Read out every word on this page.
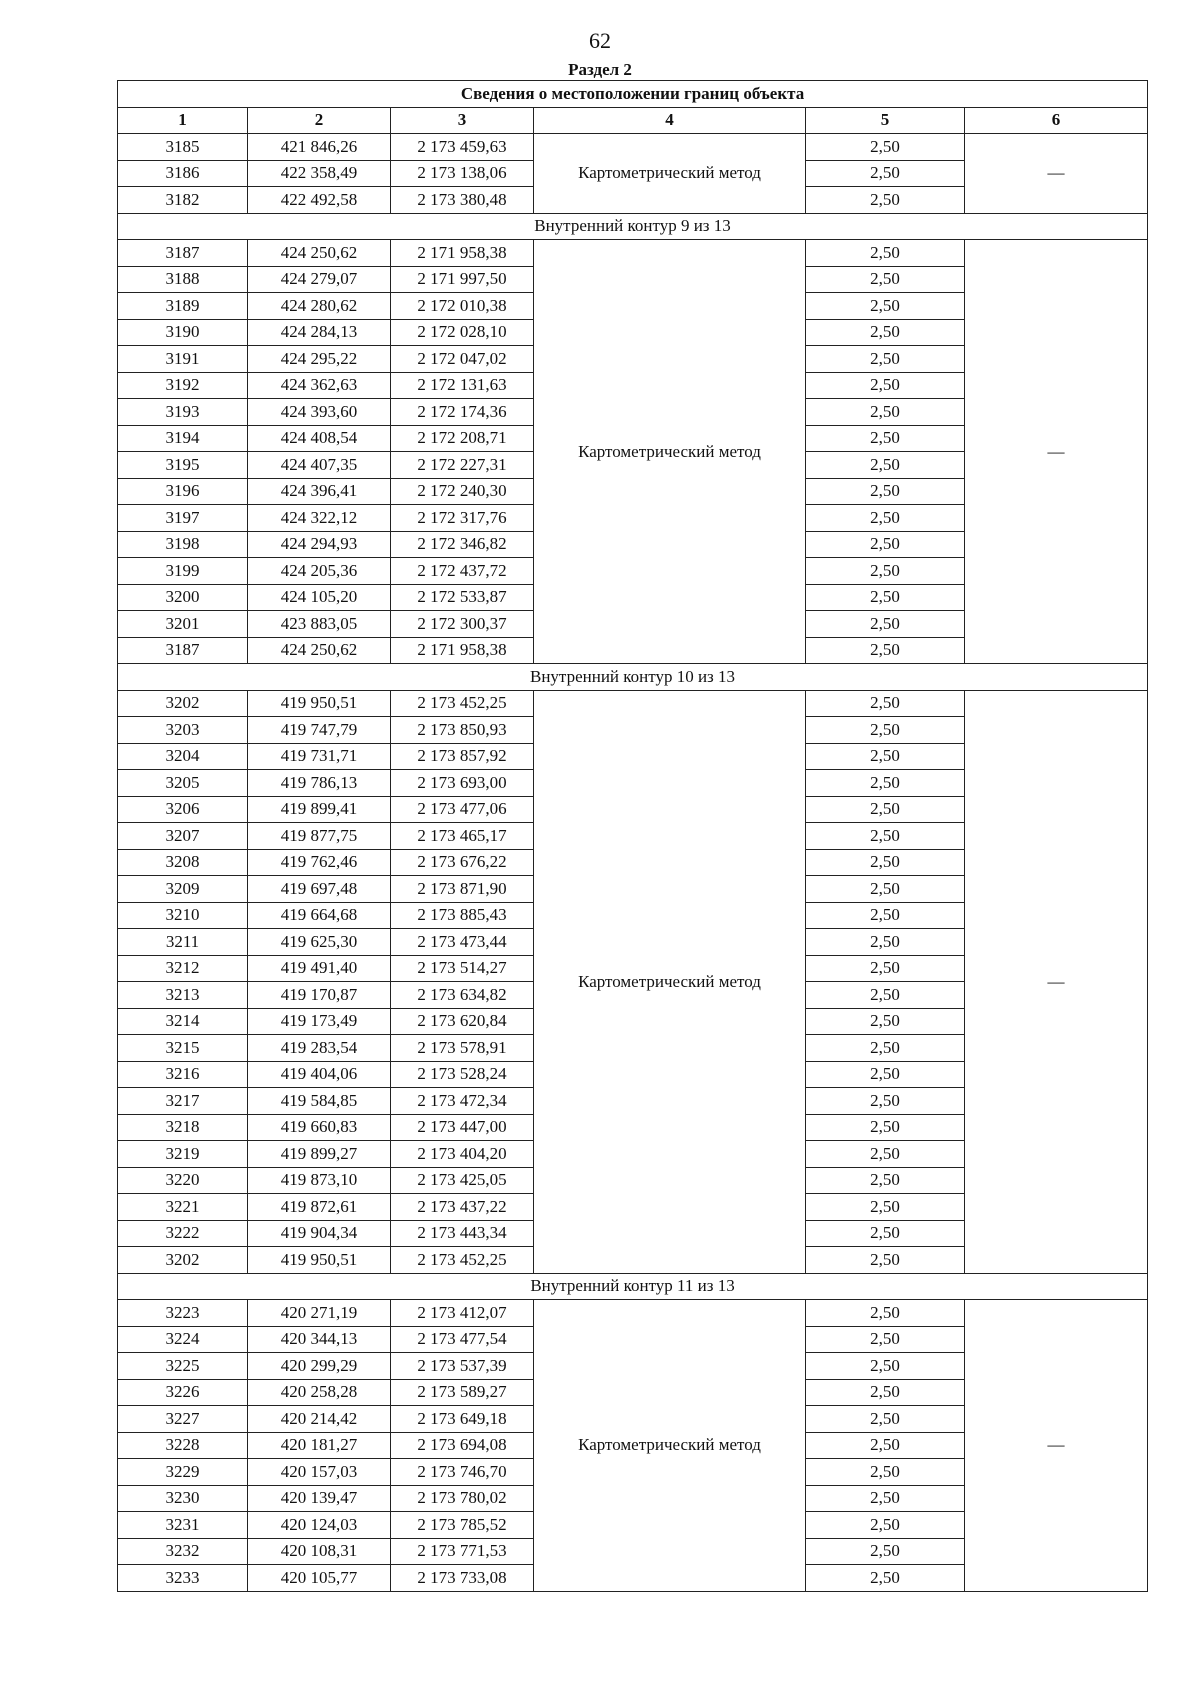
62
Раздел 2
Сведения о местоположении границ объекта					
1	2	3	4	5	6
3185	421 846,26	2 173 459,63	Картометрический метод	2,50	—
3186	422 358,49	2 173 138,06		2,50	
3182	422 492,58	2 173 380,48		2,50	
Внутренний контур 9 из 13					
3187	424 250,62	2 171 958,38	Картометрический метод	2,50	—
3188	424 279,07	2 171 997,50		2,50	
3189	424 280,62	2 172 010,38		2,50	
3190	424 284,13	2 172 028,10		2,50	
3191	424 295,22	2 172 047,02		2,50	
3192	424 362,63	2 172 131,63		2,50	
3193	424 393,60	2 172 174,36		2,50	
3194	424 408,54	2 172 208,71		2,50	
3195	424 407,35	2 172 227,31		2,50	
3196	424 396,41	2 172 240,30		2,50	
3197	424 322,12	2 172 317,76		2,50	
3198	424 294,93	2 172 346,82		2,50	
3199	424 205,36	2 172 437,72		2,50	
3200	424 105,20	2 172 533,87		2,50	
3201	423 883,05	2 172 300,37		2,50	
3187	424 250,62	2 171 958,38		2,50	
Внутренний контур 10 из 13					
3202	419 950,51	2 173 452,25	Картометрический метод	2,50	—
3203	419 747,79	2 173 850,93		2,50	
3204	419 731,71	2 173 857,92		2,50	
3205	419 786,13	2 173 693,00		2,50	
3206	419 899,41	2 173 477,06		2,50	
3207	419 877,75	2 173 465,17		2,50	
3208	419 762,46	2 173 676,22		2,50	
3209	419 697,48	2 173 871,90		2,50	
3210	419 664,68	2 173 885,43		2,50	
3211	419 625,30	2 173 473,44		2,50	
3212	419 491,40	2 173 514,27		2,50	
3213	419 170,87	2 173 634,82		2,50	
3214	419 173,49	2 173 620,84		2,50	
3215	419 283,54	2 173 578,91		2,50	
3216	419 404,06	2 173 528,24		2,50	
3217	419 584,85	2 173 472,34		2,50	
3218	419 660,83	2 173 447,00		2,50	
3219	419 899,27	2 173 404,20		2,50	
3220	419 873,10	2 173 425,05		2,50	
3221	419 872,61	2 173 437,22		2,50	
3222	419 904,34	2 173 443,34		2,50	
3202	419 950,51	2 173 452,25		2,50	
Внутренний контур 11 из 13					
3223	420 271,19	2 173 412,07	Картометрический метод	2,50	—
3224	420 344,13	2 173 477,54		2,50	
3225	420 299,29	2 173 537,39		2,50	
3226	420 258,28	2 173 589,27		2,50	
3227	420 214,42	2 173 649,18		2,50	
3228	420 181,27	2 173 694,08		2,50	
3229	420 157,03	2 173 746,70		2,50	
3230	420 139,47	2 173 780,02		2,50	
3231	420 124,03	2 173 785,52		2,50	
3232	420 108,31	2 173 771,53		2,50	
3233	420 105,77	2 173 733,08		2,50	
